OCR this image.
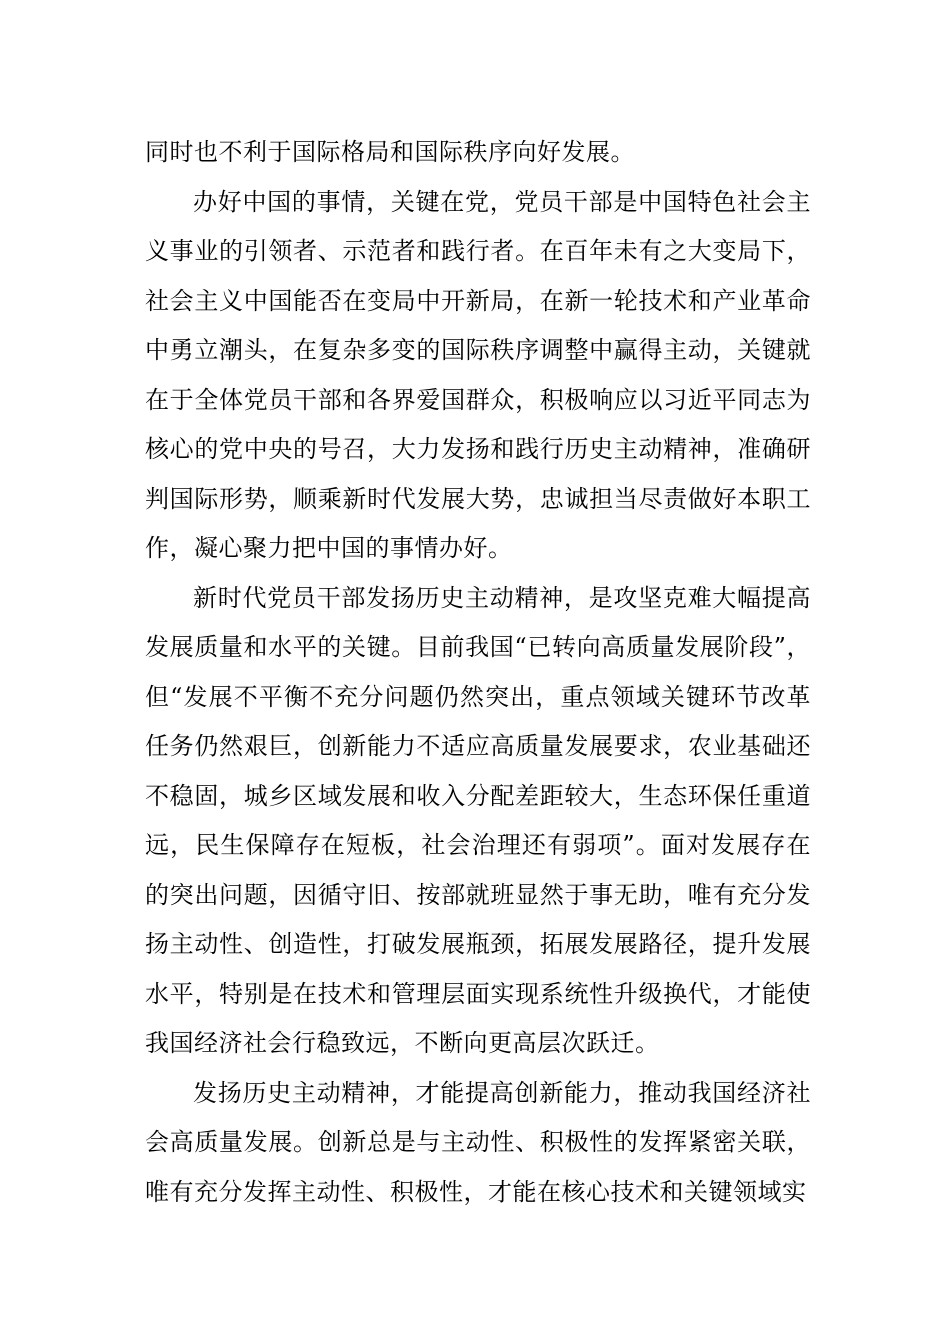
同时也不利于国际格局和国际秩序向好发展。

办好中国的事情，关键在党，党员干部是中国特色社会主义事业的引领者、示范者和践行者。在百年未有之大变局下，社会主义中国能否在变局中开新局，在新一轮技术和产业革命中勇立潮头，在复杂多变的国际秩序调整中赢得主动，关键就在于全体党员干部和各界爱国群众，积极响应以习近平同志为核心的党中央的号召，大力发扬和践行历史主动精神，准确研判国际形势，顺乘新时代发展大势，忠诚担当尽责做好本职工作，凝心聚力把中国的事情办好。

新时代党员干部发扬历史主动精神，是攻坚克难大幅提高发展质量和水平的关键。目前我国“已转向高质量发展阶段”，但“发展不平衡不充分问题仍然突出，重点领域关键环节改革任务仍然艰巨，创新能力不适应高质量发展要求，农业基础还不稳固，城乡区域发展和收入分配差距较大，生态环保任重道远，民生保障存在短板，社会治理还有弱项”。面对发展存在的突出问题，因循守旧、按部就班显然于事无助，唯有充分发扬主动性、创造性，打破发展瓶颈，拓展发展路径，提升发展水平，特别是在技术和管理层面实现系统性升级换代，才能使我国经济社会行稳致远，不断向更高层次跃迁。

发扬历史主动精神，才能提高创新能力，推动我国经济社会高质量发展。创新总是与主动性、积极性的发挥紧密关联，唯有充分发挥主动性、积极性，才能在核心技术和关键领域实
